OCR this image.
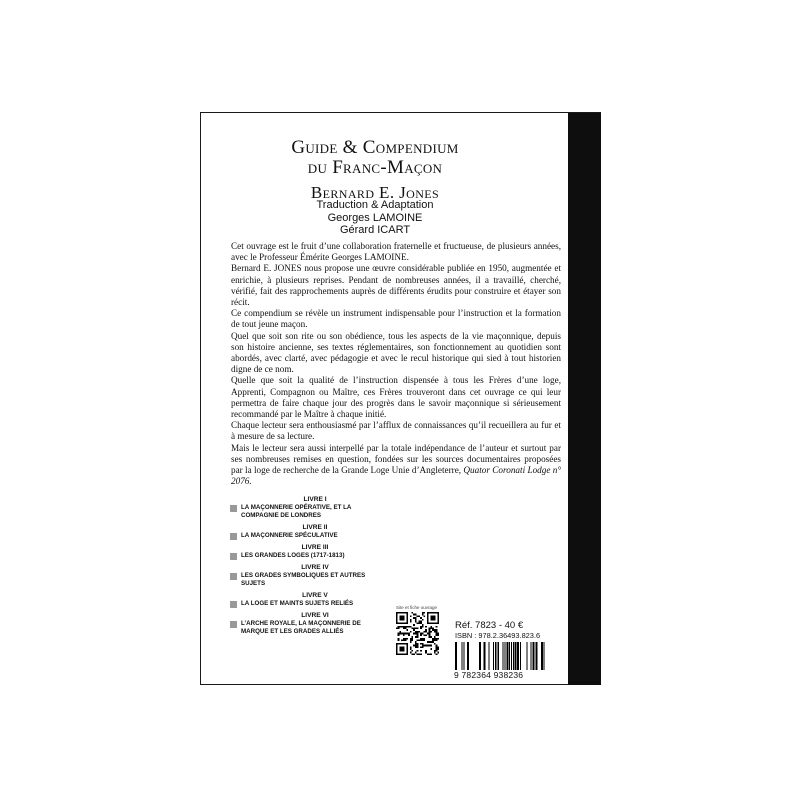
Guide & Compendium
du Franc-Maçon
Bernard E. Jones
Traduction & Adaptation
Georges LAMOINE
Gérard ICART

Cet ouvrage est le fruit d’une collaboration fraternelle et fructueuse, de plusieurs années, avec le Professeur Émérite Georges LAMOINE.

Bernard E. JONES nous propose une œuvre considérable publiée en 1950, augmentée et enrichie, à plusieurs reprises. Pendant de nombreuses années, il a travaillé, cherché, vérifié, fait des rapprochements auprès de différents érudits pour construire et étayer son récit.

Ce compendium se révèle un instrument indispensable pour l’instruction et la formation de tout jeune maçon.

Quel que soit son rite ou son obédience, tous les aspects de la vie maçonnique, depuis son histoire ancienne, ses textes réglementaires, son fonctionnement au quotidien sont abordés, avec clarté, avec pédagogie et avec le recul historique qui sied à tout historien digne de ce nom.

Quelle que soit la qualité de l’instruction dispensée à tous les Frères d’une loge, Apprenti, Compagnon ou Maître, ces Frères trouveront dans cet ouvrage ce qui leur permettra de faire chaque jour des progrès dans le savoir maçonnique si sérieusement recommandé par le Maître à chaque initié.

Chaque lecteur sera enthousiasmé par l’afflux de connaissances qu’il recueillera au fur et à mesure de sa lecture.

Mais le lecteur sera aussi interpellé par la totale indépendance de l’auteur et surtout par ses nombreuses remises en question, fondées sur les sources documentaires proposées par la loge de recherche de la Grande Loge Unie d’Angleterre, Quator Coronati Lodge n° 2076.

LIVRE I
LA MAÇONNERIE OPÉRATIVE, ET LA COMPAGNIE DE LONDRES
LIVRE II
LA MAÇONNERIE SPÉCULATIVE
LIVRE III
LES GRANDES LOGES (1717-1813)
LIVRE IV
LES GRADES SYMBOLIQUES ET AUTRES SUJETS
LIVRE V
LA LOGE ET MAINTS SUJETS RELIÉS
LIVRE VI
L’ARCHE ROYALE, LA MAÇONNERIE DE MARQUE ET LES GRADES ALLIÉS
Site et fiche ouvrage
Réf. 7823 - 40 €
ISBN : 978.2.36493.823.6
9 782364 938236
